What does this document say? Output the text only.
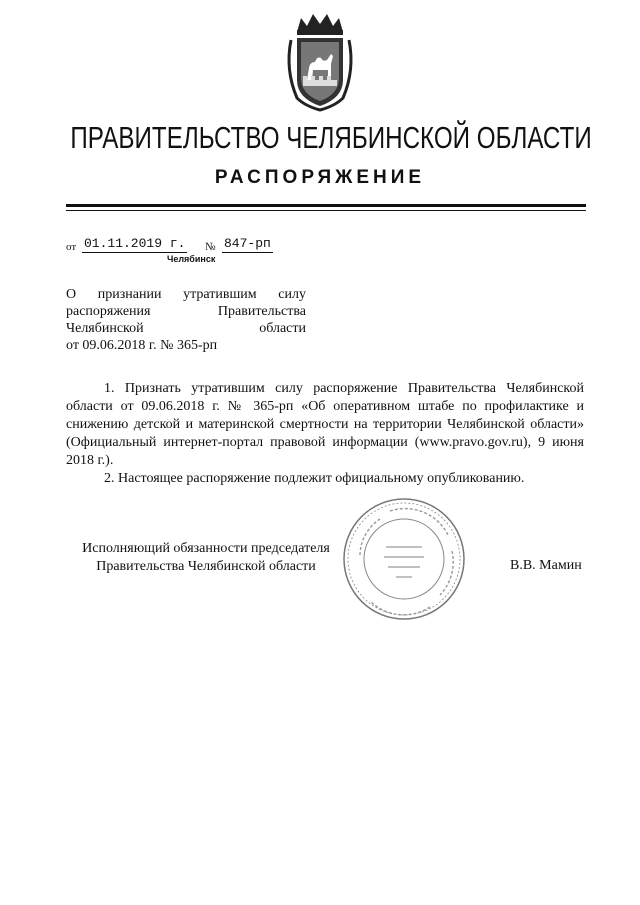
ПРАВИТЕЛЬСТВО ЧЕЛЯБИНСКОЙ ОБЛАСТИ
РАСПОРЯЖЕНИЕ
от 01.11.2019 г. № 847-рп
Челябинск
О признании утратившим силу
распоряжения Правительства
Челябинской области
от 09.06.2018 г. № 365-рп

1. Признать утратившим силу распоряжение Правительства Челябинской области от 09.06.2018 г. № 365-рп «Об оперативном штабе по профилактике и снижению детской и материнской смертности на территории Челябинской области» (Официальный интернет-портал правовой информации (www.pravo.gov.ru), 9 июня 2018 г.).

2. Настоящее распоряжение подлежит официальному опубликованию.

Исполняющий обязанности председателя
Правительства Челябинской области	В.В. Мамин
